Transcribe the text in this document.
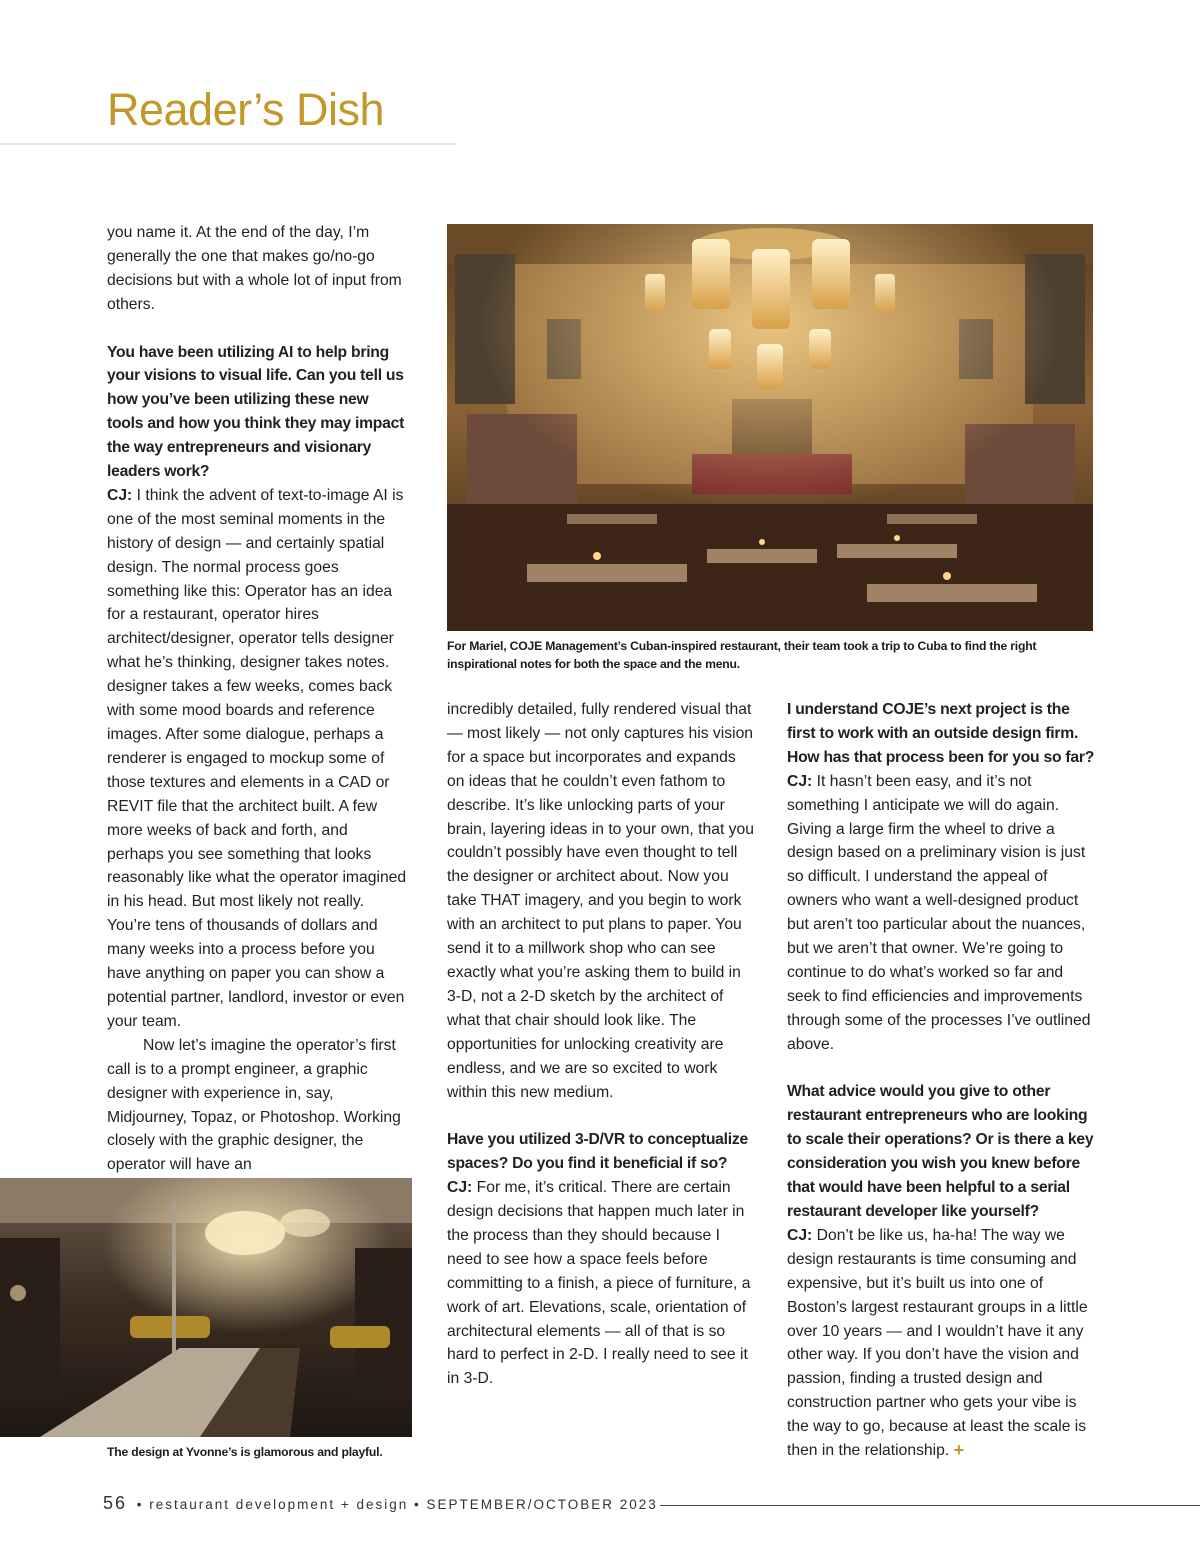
Reader’s Dish

you name it. At the end of the day, I’m generally the one that makes go/no-go decisions but with a whole lot of input from others.

You have been utilizing AI to help bring your visions to visual life. Can you tell us how you’ve been utilizing these new tools and how you think they may impact the way entrepreneurs and visionary leaders work?

CJ: I think the advent of text-to-image AI is one of the most seminal moments in the history of design — and certainly spatial design. The normal process goes something like this: Operator has an idea for a restaurant, operator hires architect/designer, operator tells designer what he’s thinking, designer takes notes. designer takes a few weeks, comes back with some mood boards and reference images. After some dialogue, perhaps a renderer is engaged to mockup some of those textures and elements in a CAD or REVIT file that the architect built. A few more weeks of back and forth, and perhaps you see something that looks reasonably like what the operator imagined in his head. But most likely not really. You’re tens of thousands of dollars and many weeks into a process before you have anything on paper you can show a potential partner, landlord, investor or even your team.

Now let’s imagine the operator’s first call is to a prompt engineer, a graphic designer with experience in, say, Midjourney, Topaz, or Photoshop. Working closely with the graphic designer, the operator will have an

For Mariel, COJE Management’s Cuban-inspired restaurant, their team took a trip to Cuba to find the right inspirational notes for both the space and the menu.
The design at Yvonne’s is glamorous and playful.

incredibly detailed, fully rendered visual that — most likely — not only captures his vision for a space but incorporates and expands on ideas that he couldn’t even fathom to describe. It’s like unlocking parts of your brain, layering ideas in to your own, that you couldn’t possibly have even thought to tell the designer or architect about. Now you take THAT imagery, and you begin to work with an architect to put plans to paper. You send it to a millwork shop who can see exactly what you’re asking them to build in 3-D, not a 2-D sketch by the architect of what that chair should look like. The opportunities for unlocking creativity are endless, and we are so excited to work within this new medium.

Have you utilized 3-D/VR to conceptualize spaces? Do you find it beneficial if so?

CJ: For me, it’s critical. There are certain design decisions that happen much later in the process than they should because I need to see how a space feels before committing to a finish, a piece of furniture, a work of art. Elevations, scale, orientation of architectural elements — all of that is so hard to perfect in 2-D. I really need to see it in 3-D.

I understand COJE’s next project is the first to work with an outside design firm. How has that process been for you so far?

CJ: It hasn’t been easy, and it’s not something I anticipate we will do again. Giving a large firm the wheel to drive a design based on a preliminary vision is just so difficult. I understand the appeal of owners who want a well-designed product but aren’t too particular about the nuances, but we aren’t that owner. We’re going to continue to do what’s worked so far and seek to find efficiencies and improvements through some of the processes I’ve outlined above.

What advice would you give to other restaurant entrepreneurs who are looking to scale their operations? Or is there a key consideration you wish you knew before that would have been helpful to a serial restaurant developer like yourself?

CJ: Don’t be like us, ha-ha! The way we design restaurants is time consuming and expensive, but it’s built us into one of Boston’s largest restaurant groups in a little over 10 years — and I wouldn’t have it any other way. If you don’t have the vision and passion, finding a trusted design and construction partner who gets your vibe is the way to go, because at least the scale is then in the relationship. +

56 • restaurant development + design • SEPTEMBER/OCTOBER 2023
